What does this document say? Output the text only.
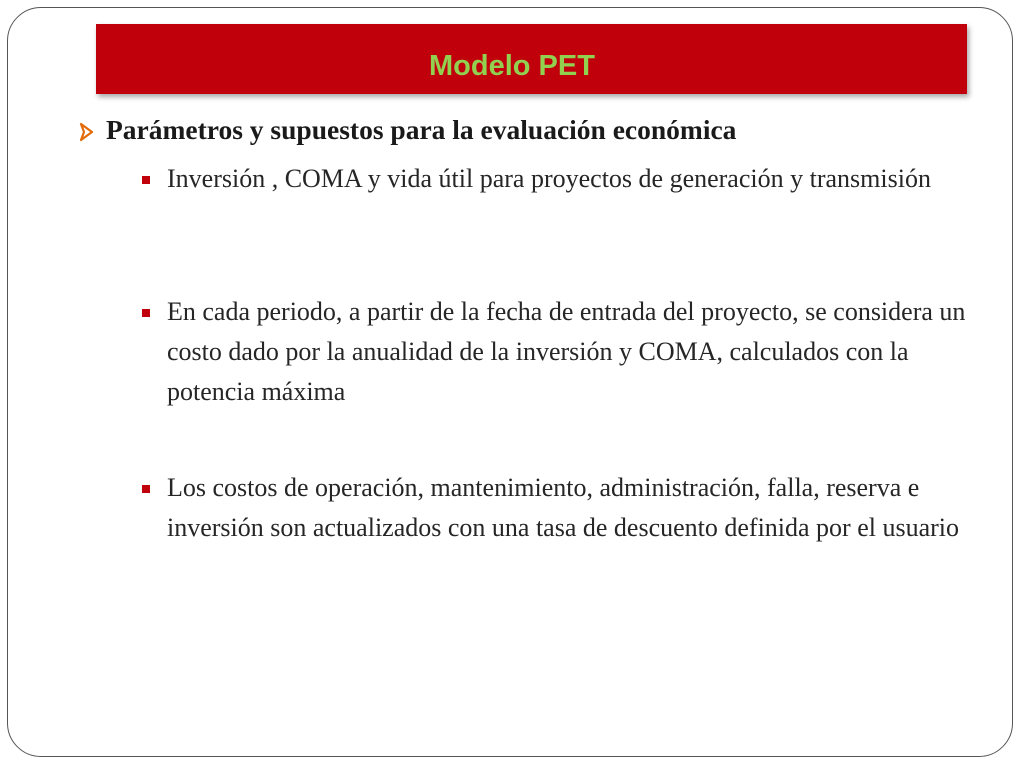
Modelo PET
Parámetros y supuestos para la evaluación económica
Inversión , COMA y vida útil para proyectos de generación y transmisión
En cada periodo, a partir de la fecha de entrada del proyecto, se considera un costo dado por la anualidad de la inversión y COMA, calculados con la potencia máxima
Los costos de operación, mantenimiento, administración, falla, reserva e inversión son actualizados con una tasa de descuento definida por el usuario
